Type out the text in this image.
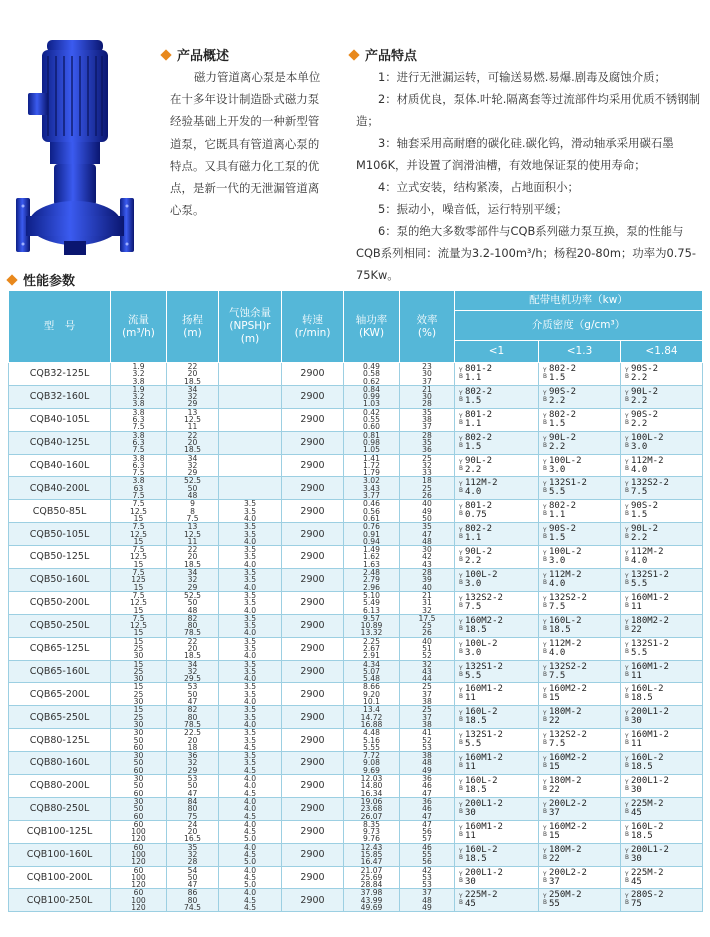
产品概述

磁力管道离心泵是本单位

在十多年设计制造卧式磁力泵

经验基础上开发的一种新型管

道泵，它既具有管道离心泵的

特点。又具有磁力化工泵的优

点，是新一代的无泄漏管道离

心泵。

产品特点

1：进行无泄漏运转，可输送易燃.易爆.剧毒及腐蚀介质；

2：材质优良，泵体.叶轮.隔离套等过流部件均采用优质不锈钢制造；

3：轴套采用高耐磨的碳化硅.碳化钨，滑动轴承采用碳石墨M106K，并设置了润滑油槽，有效地保证泵的使用寿命；

4：立式安装，结构紧凑，占地面积小；

5：振动小，噪音低，运行特别平缓；

6：泵的绝大多数零部件与CQB系列磁力泵互换，泵的性能与CQB系列相同：流量为3.2-100m³/h；杨程20-80m；功率为0.75-75Kw。

性能参数
型　号	流量
(m³/h)	扬程
(m)	气蚀余量
(NPSH)r
(m)	转速
(r/min)	轴功率
(KW)	效率
(%)	配带电机功率（kw）		
							介质密度（g/cm³）		
							<1	<1.3	<1.84
CQB32-125L	1.9
3.2
3.8	22
20
18.5		2900	0.49
0.58
0.62	23
30
37	Y
B
801-2
1.1	Y
B
802-2
1.5	Y
B
90S-2
2.2

CQB32-160L	1.9
3.2
3.8	34
32
29		2900	0.84
0.99
1.03	21
30
28	Y
B
802-2
1.5	Y
B
90S-2
2.2	Y
B
90L-2
2.2

CQB40-105L	3.8
6.3
7.5	13
12.5
11		2900	0.42
0.55
0.60	35
38
37	Y
B
801-2
1.1	Y
B
802-2
1.5	Y
B
90S-2
2.2

CQB40-125L	3.8
6.3
7.5	22
20
18.5		2900	0.81
0.98
1.05	28
35
36	Y
B
802-2
1.5	Y
B
90L-2
2.2	Y
B
100L-2
3.0

CQB40-160L	3.8
6.3
7.5	34
32
29		2900	1.41
1.72
1.79	25
32
33	Y
B
90L-2
2.2	Y
B
100L-2
3.0	Y
B
112M-2
4.0

CQB40-200L	3.8
63
7.5	52.5
50
48		2900	3.02
3.43
3.77	18
25
26	Y
B
112M-2
4.0	Y
B
132S1-2
5.5	Y
B
132S2-2
7.5

CQB50-85L	7.5
12.5
15	9
8
7.5	3.5
3.5
4.0	2900	0.46
0.56
0.61	40
49
50	Y
B
801-2
0.75	Y
B
802-2
1.1	Y
B
90S-2
1.5

CQB50-105L	7.5
12.5
15	13
12.5
11	3.5
3.5
4.0	2900	0.76
0.91
0.94	35
47
48	Y
B
802-2
1.1	Y
B
90S-2
1.5	Y
B
90L-2
2.2

CQB50-125L	7.5
12.5
15	22
20
18.5	3.5
3.5
4.0	2900	1.49
1.62
1.63	30
42
43	Y
B
90L-2
2.2	Y
B
100L-2
3.0	Y
B
112M-2
4.0

CQB50-160L	7.5
125
15	34
32
29	3.5
3.5
4.0	2900	2.48
2.79
2.96	28
39
40	Y
B
100L-2
3.0	Y
B
112M-2
4.0	Y
B
132S1-2
5.5

CQB50-200L	7.5
12.5
15	52.5
50
48	3.5
3.5
4.0	2900	5.10
5.49
6.13	21
31
32	Y
B
132S2-2
7.5	Y
B
132S2-2
7.5	Y
B
160M1-2
11

CQB50-250L	7.5
12.5
15	82
80
78.5	3.5
3.5
4.0	2900	9.57
10.89
13.32	17.5
25
26	Y
B
160M2-2
18.5	Y
B
160L-2
18.5	Y
B
180M2-2
22

CQB65-125L	15
25
30	22
20
18.5	3.5
3.5
4.0	2900	2.25
2.67
2.91	40
51
52	Y
B
100L-2
3.0	Y
B
112M-2
4.0	Y
B
132S1-2
5.5

CQB65-160L	15
25
30	34
32
29.5	3.5
3.5
4.0	2900	4.34
5.07
5.48	32
43
44	Y
B
132S1-2
5.5	Y
B
132S2-2
7.5	Y
B
160M1-2
11

CQB65-200L	15
25
30	53
50
47	3.5
3.5
4.0	2900	8.66
9.20
10.1	25
37
38	Y
B
160M1-2
11	Y
B
160M2-2
15	Y
B
160L-2
18.5

CQB65-250L	15
25
30	82
80
78.5	3.5
3.5
4.0	2900	13.4
14.72
16.88	25
37
38	Y
B
160L-2
18.5	Y
B
180M-2
22	Y
B
200L1-2
30

CQB80-125L	30
50
60	22.5
20
18	3.5
3.5
4.5	2900	4.48
5.16
5.55	41
52
53	Y
B
132S1-2
5.5	Y
B
132S2-2
7.5	Y
B
160M1-2
11

CQB80-160L	30
50
60	36
32
29	3.5
3.5
4.5	2900	7.72
9.08
9.69	38
48
49	Y
B
160M1-2
11	Y
B
160M2-2
15	Y
B
160L-2
18.5

CQB80-200L	30
50
60	53
50
47	4.0
4.0
4.5	2900	12.03
14.80
16.34	36
46
47	Y
B
160L-2
18.5	Y
B
180M-2
22	Y
B
200L1-2
30

CQB80-250L	30
50
60	84
80
75	4.0
4.0
4.5	2900	19.06
23.68
26.07	36
46
47	Y
B
200L1-2
30	Y
B
200L2-2
37	Y
B
225M-2
45

CQB100-125L	60
100
120	24
20
16.5	4.0
4.5
5.0	2900	8.35
9.73
9.76	47
56
57	Y
B
160M1-2
11	Y
B
160M2-2
15	Y
B
160L-2
18.5

CQB100-160L	60
100
120	35
32
28	4.0
4.5
5.0	2900	12.43
15.85
16.47	46
55
56	Y
B
160L-2
18.5	Y
B
180M-2
22	Y
B
200L1-2
30

CQB100-200L	60
100
120	54
50
47	4.0
4.5
5.0	2900	21.07
25.69
28.84	42
53
53	Y
B
200L1-2
30	Y
B
200L2-2
37	Y
B
225M-2
45

CQB100-250L	60
100
120	86
80
74.5	4.0
4.5
4.5	2900	37.98
43.99
49.69	37
48
49	Y
B
225M-2
45	Y
B
250M-2
55	Y
B
280S-2
75
